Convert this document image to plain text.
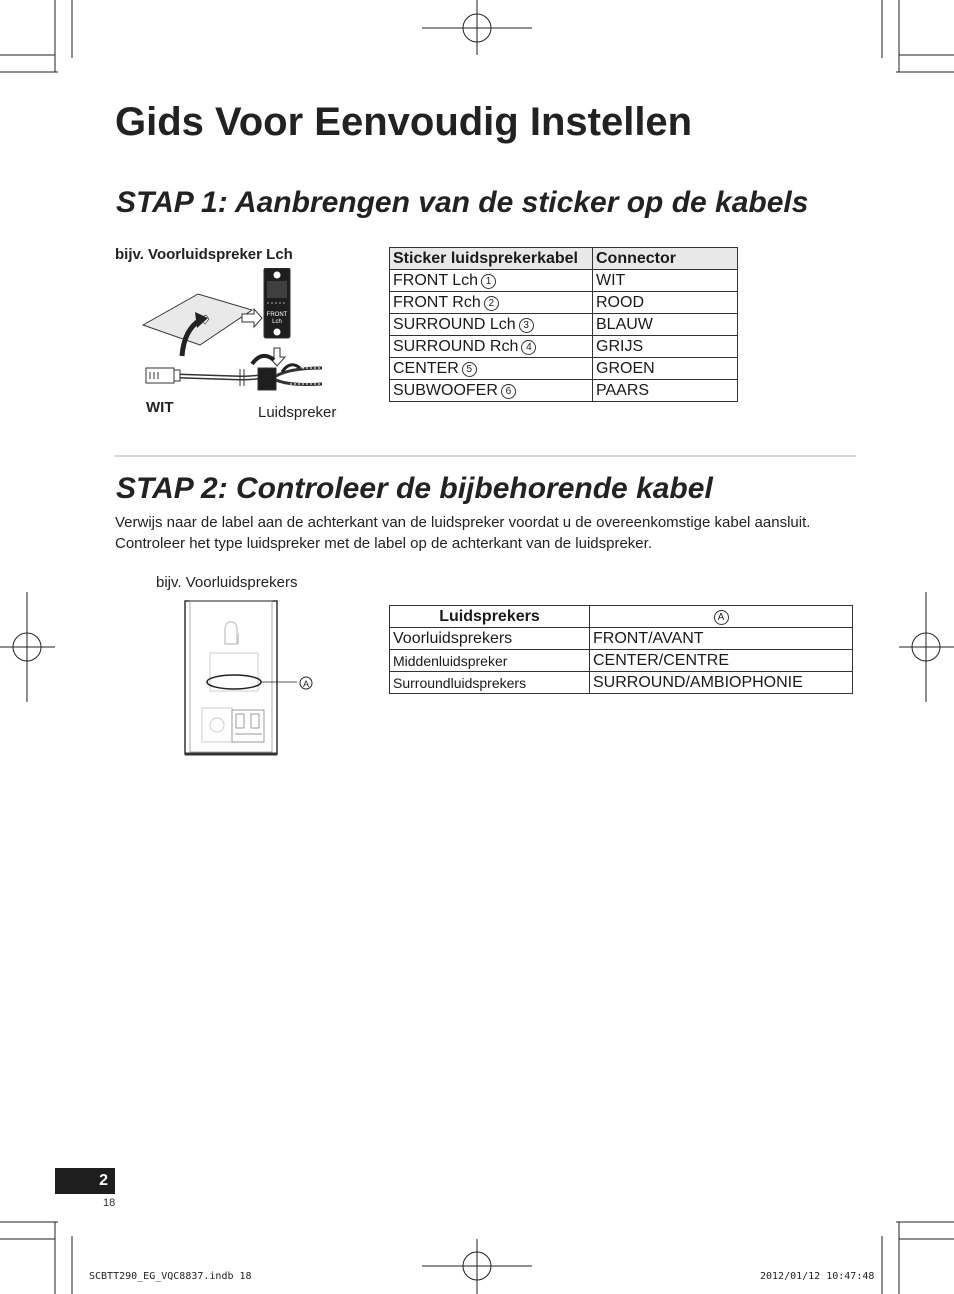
Gids Voor Eenvoudig Instellen
STAP 1: Aanbrengen van de sticker op de kabels
bijv. Voorluidspreker Lch
FRONT
Lch
WIT	Luidspreker
Sticker luidsprekerkabel	Connector
FRONT Lch 1	WIT
FRONT Rch 2	ROOD
SURROUND Lch 3	BLAUW
SURROUND Rch 4	GRIJS
CENTER 5	GROEN
SUBWOOFER 6	PAARS
STAP 2: Controleer de bijbehorende kabel
Verwijs naar de label aan de achterkant van de luidspreker voordat u de overeenkomstige kabel aansluit.
Controleer het type luidspreker met de label op de achterkant van de luidspreker.
bijv. Voorluidsprekers
A
Luidsprekers	A
Voorluidsprekers	FRONT/AVANT
Middenluidspreker	CENTER/CENTRE
Surroundluidsprekers	SURROUND/AMBIOPHONIE
2
18
SCBTT290_EG_VQC8837.indb 18	2012/01/12 10:47:48
